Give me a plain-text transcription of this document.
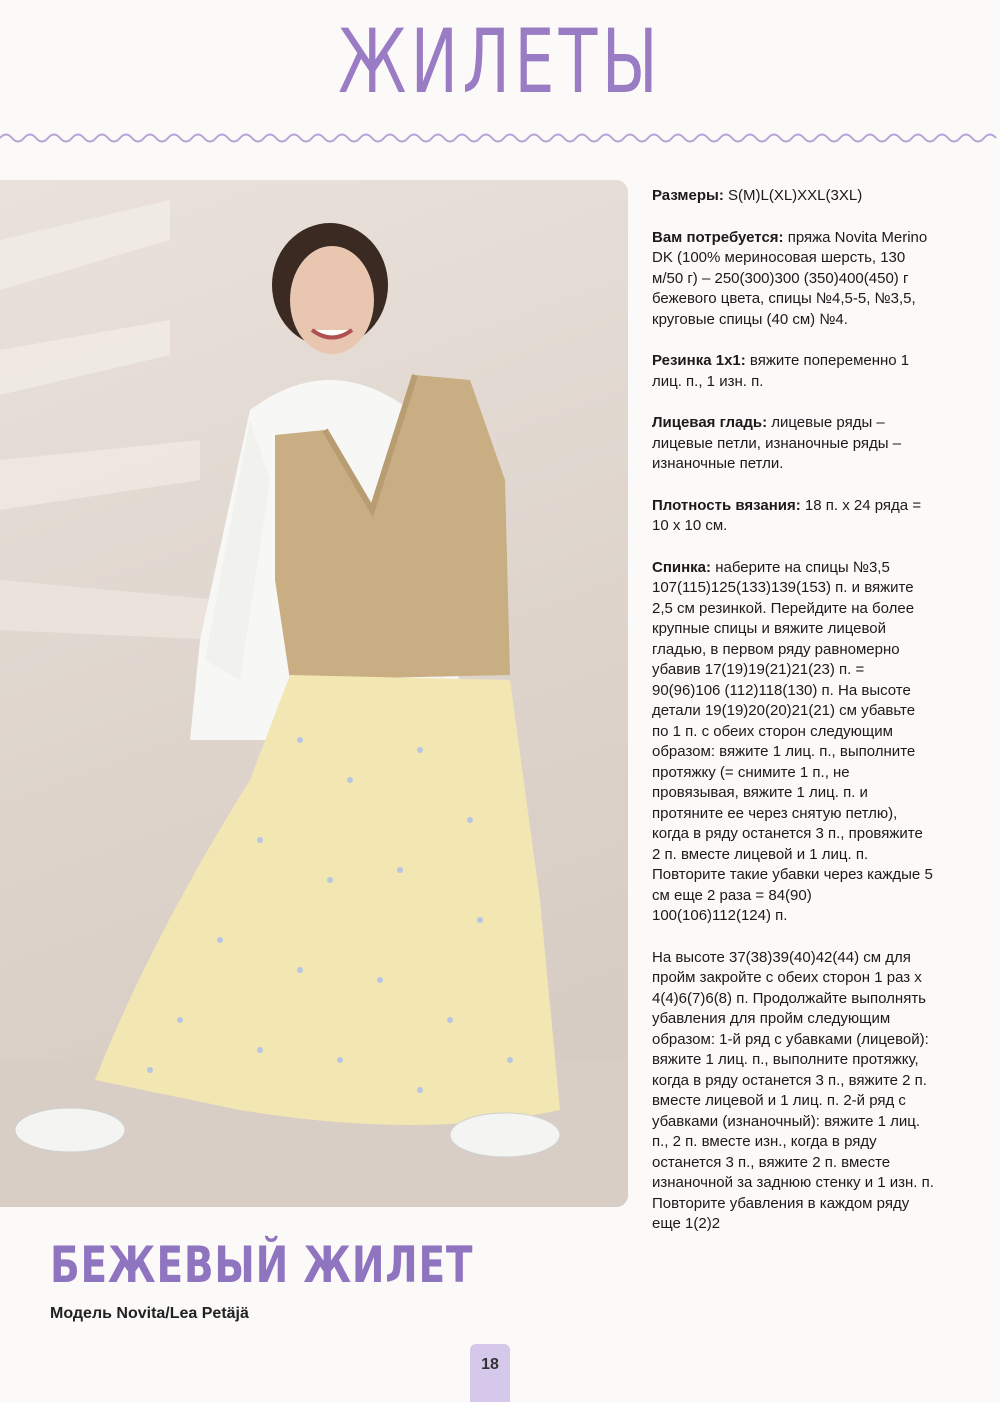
ЖИЛЕТЫ
БЕЖЕВЫЙ ЖИЛЕТ
Модель Novita/Lea Petäjä

Размеры: S(M)L(XL)XXL(3XL)

Вам потребуется: пряжа Novita Merino DK (100% мериносовая шерсть, 130 м/50 г) – 250(300)300 (350)400(450) г бежевого цвета, спицы №4,5-5, №3,5, круговые спицы (40 см) №4.

Резинка 1х1: вяжите попеременно 1 лиц. п., 1 изн. п.

Лицевая гладь: лицевые ряды – лицевые петли, изнаночные ряды – изнаночные петли.

Плотность вязания: 18 п. х 24 ряда = 10 х 10 см.

Спинка: наберите на спицы №3,5 107(115)125(133)139(153) п. и вяжите 2,5 см резинкой. Перейдите на более крупные спицы и вяжите лицевой гладью, в первом ряду равномерно убавив 17(19)19(21)21(23) п. = 90(96)106 (112)118(130) п. На высоте детали 19(19)20(20)21(21) см убавьте по 1 п. с обеих сторон следующим образом: вяжите 1 лиц. п., выполните протяжку (= снимите 1 п., не провязывая, вяжите 1 лиц. п. и протяните ее через снятую петлю), когда в ряду останется 3 п., провяжите 2 п. вместе лицевой и 1 лиц. п. Повторите такие убавки через каждые 5 см еще 2 раза = 84(90) 100(106)112(124) п.

На высоте 37(38)39(40)42(44) см для пройм закройте с обеих сторон 1 раз х 4(4)6(7)6(8) п. Продолжайте выполнять убавления для пройм следующим образом: 1-й ряд с убавками (лицевой): вяжите 1 лиц. п., выполните протяжку, когда в ряду останется 3 п., вяжите 2 п. вместе лицевой и 1 лиц. п. 2-й ряд с убавками (изнаночный): вяжите 1 лиц. п., 2 п. вместе изн., когда в ряду останется 3 п., вяжите 2 п. вместе изнаночной за заднюю стенку и 1 изн. п. Повторите убавления в каждом ряду еще 1(2)2

18
